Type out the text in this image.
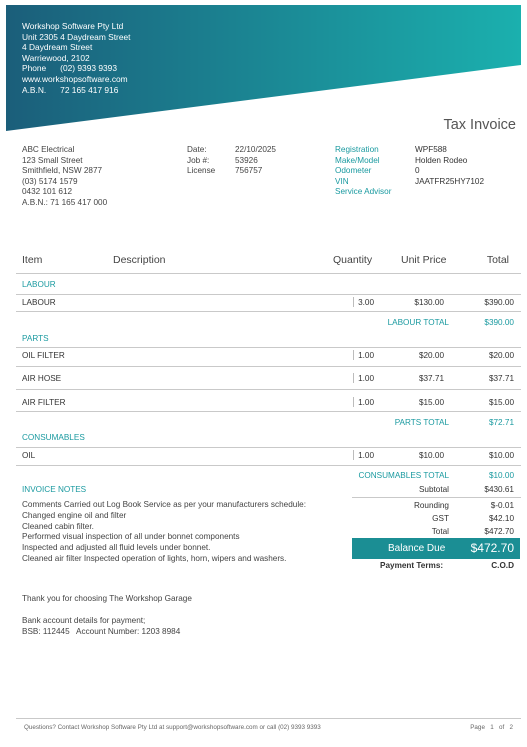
Workshop Software Pty Ltd
Unit 2305 4 Daydream Street
4 Daydream Street
Warriewood, 2102
Phone      (02) 9393 9393
www.workshopsoftware.com
A.B.N.      72 165 417 916
Tax Invoice
ABC Electrical
123 Small Street
Smithfield, NSW 2877
(03) 5174 1579
0432 101 612
A.B.N.: 71 165 417 000
Date:	22/10/2025
Job #:	53926
License 756757
Registration	WPF588
Make/Model	Holden Rodeo
Odometer	0
VIN	JAATFR25HY7102
Service Advisor
Item	Description	Quantity	Unit Price	Total
LABOUR
LABOUR	3.00	$130.00	$390.00
LABOUR TOTAL	$390.00
PARTS
OIL FILTER	1.00	$20.00	$20.00
AIR HOSE	1.00	$37.71	$37.71
AIR FILTER	1.00	$15.00	$15.00
PARTS TOTAL	$72.71
CONSUMABLES
OIL	1.00	$10.00	$10.00
CONSUMABLES TOTAL	$10.00
Subtotal	$430.61
Rounding	$-0.01
GST	$42.10
Total	$472.70
Balance Due $472.70
Payment Terms:	C.O.D
INVOICE NOTES
Comments Carried out Log Book Service as per your manufacturers schedule:
Changed engine oil and filter
Cleaned cabin filter.
Performed visual inspection of all under bonnet components
Inspected and adjusted all fluid levels under bonnet.
Cleaned air filter Inspected operation of lights, horn, wipers and washers.
Thank you for choosing The Workshop Garage
Bank account details for payment;
BSB: 112445   Account Number: 1203 8984
Questions? Contact Workshop Software Pty Ltd at support@workshopsoftware.com or call (02) 9393 9393	Page 1 of 2
